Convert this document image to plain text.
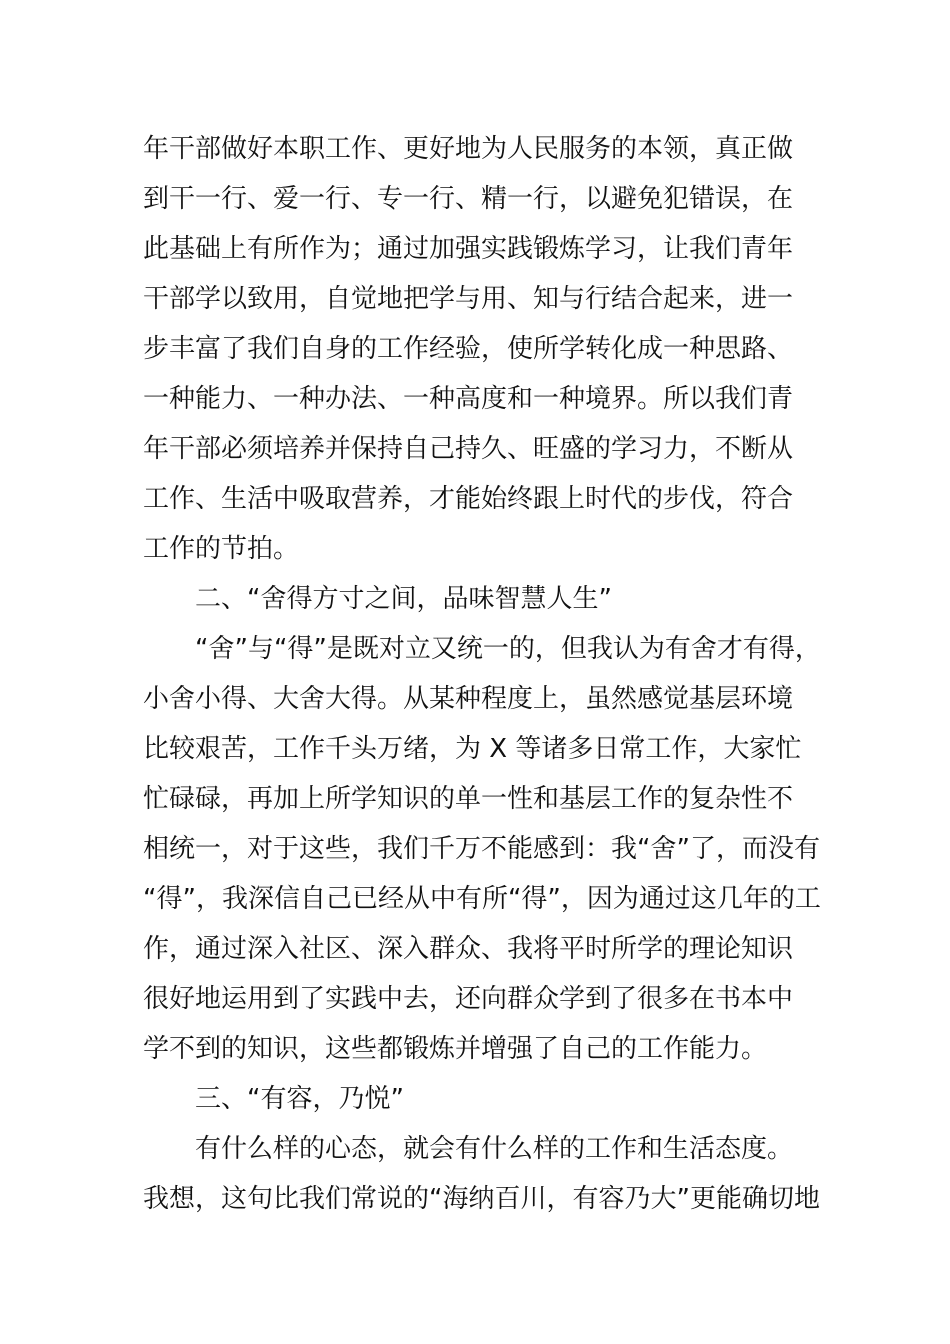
年干部做好本职工作、更好地为人民服务的本领，真正做
到干一行、爱一行、专一行、精一行，以避免犯错误，在
此基础上有所作为；通过加强实践锻炼学习，让我们青年
干部学以致用，自觉地把学与用、知与行结合起来，进一
步丰富了我们自身的工作经验，使所学转化成一种思路、
一种能力、一种办法、一种高度和一种境界。所以我们青
年干部必须培养并保持自己持久、旺盛的学习力，不断从
工作、生活中吸取营养，才能始终跟上时代的步伐，符合
工作的节拍。
二、“舍得方寸之间，品味智慧人生”
“舍”与“得”是既对立又统一的，但我认为有舍才有得，
小舍小得、大舍大得。从某种程度上，虽然感觉基层环境
比较艰苦，工作千头万绪，为 X 等诸多日常工作，大家忙
忙碌碌，再加上所学知识的单一性和基层工作的复杂性不
相统一，对于这些，我们千万不能感到：我“舍”了，而没有
“得”，我深信自己已经从中有所“得”，因为通过这几年的工
作，通过深入社区、深入群众、我将平时所学的理论知识
很好地运用到了实践中去，还向群众学到了很多在书本中
学不到的知识，这些都锻炼并增强了自己的工作能力。
三、“有容，乃悦”
有什么样的心态，就会有什么样的工作和生活态度。
我想，这句比我们常说的“海纳百川，有容乃大”更能确切地
